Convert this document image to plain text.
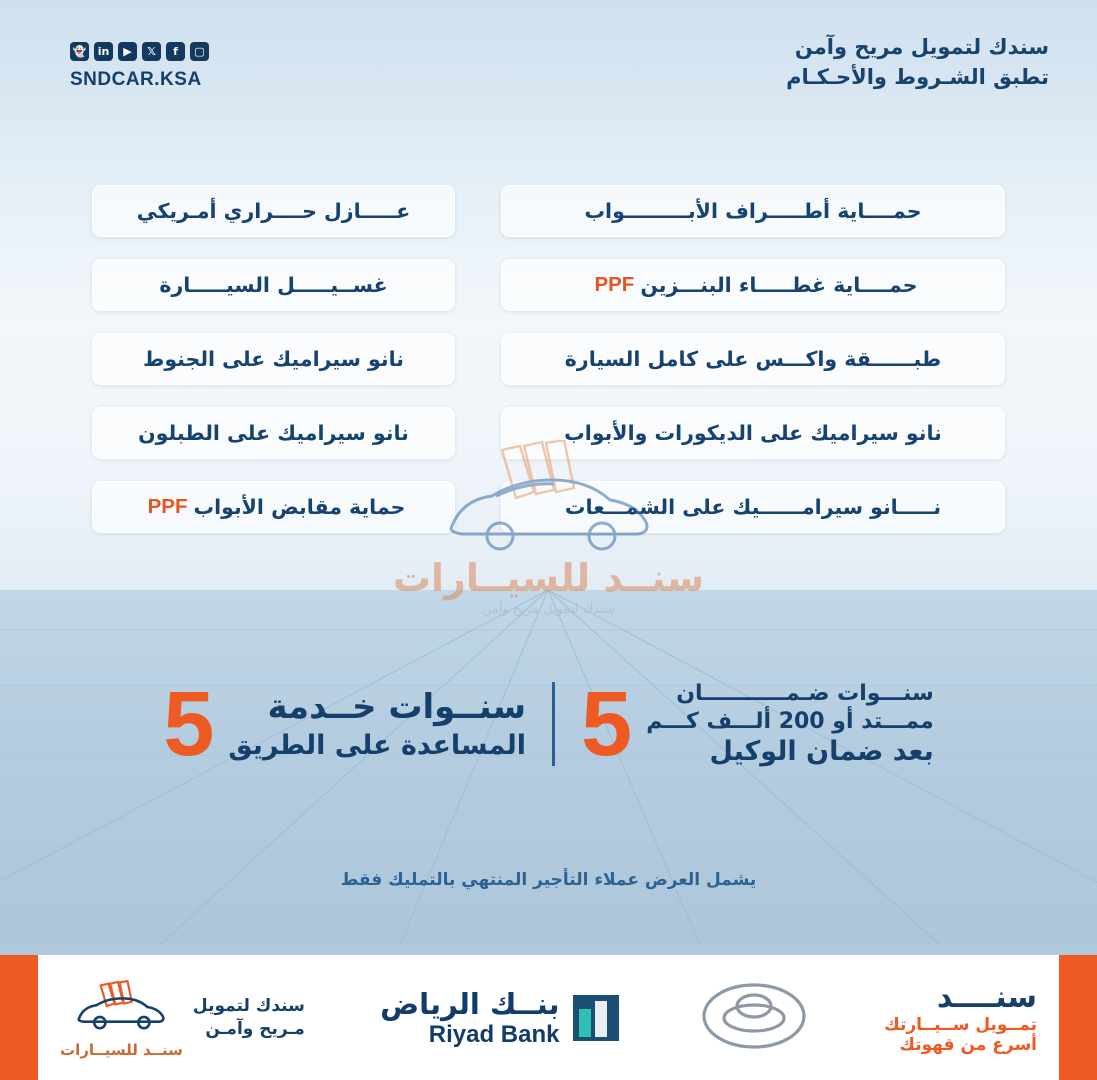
▢
f
𝕏
▶
in
👻
SNDCAR.KSA
سندك لتمويل مريح وآمن
تطبق الشـروط والأحـكـام
عـــــازل حــــراري أمـريكي
غســيـــــل السيـــــارة
نانو سيراميك على الجنوط
نانو سيراميك على الطبلون
حماية مقابض الأبواب
PPF
حمــــاية أطـــــراف الأبـــــــــواب
حمــــاية غطـــــاء البنـــزين
PPF
طبــــــقة واكـــس على كامل السيارة
نانو سيراميك على الديكورات والأبواب
نـــــانو سيرامــــــيك على الشمـــعات
سنــد للسيــارات
سندك لتمويل مريح وآمن
5	سنــوات خــدمة
المساعدة على الطريق 5	سنـــوات ضـمـــــــــــان
ممـــتد أو 200 ألـــف كـــم
بعد ضمان الوكيل
يشمل العرض عملاء التأجير المنتهي بالتمليك فقط
سنــد للسيــارات
سندك لتمويل
مـريح وآمـن
بنــك الرياض
Riyad Bank
سنــــد
تمــويل ســيــارتك
أسرع من قهوتك
